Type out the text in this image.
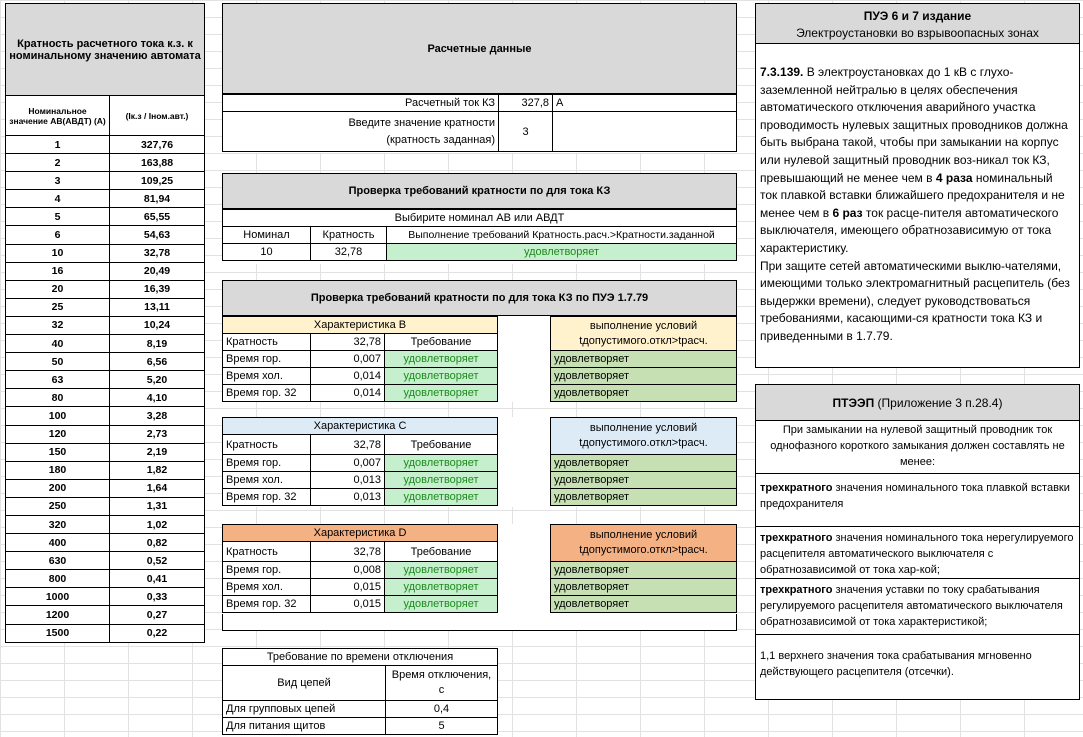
Кратность расчетного тока к.з. к номинальному значению автомата	
Номинальное значение АВ(АВДТ) (А)	(Iк.з / Iном.авт.)
1	327,76
2	163,88
3	109,25
4	81,94
5	65,55
6	54,63
10	32,78
16	20,49
20	16,39
25	13,11
32	10,24
40	8,19
50	6,56
63	5,20
80	4,10
100	3,28
120	2,73
150	2,19
180	1,82
200	1,64
250	1,31
320	1,02
400	0,82
630	0,52
800	0,41
1000	0,33
1200	0,27
1500	0,22
Расчетные данные
Расчетный ток КЗ	327,8	А

Введите значение кратности
(кратность заданная)	3	
Проверка требований кратности по для тока КЗ
Выбирите номинал АВ или АВДТ		
Номинал	Кратность	Выполнение требований Кратность.расч.>Кратности.заданной
10	32,78	удовлетворяет
Проверка требований кратности по для тока КЗ по ПУЭ 1.7.79
Характеристика В		
Кратность	32,78	Требование
Время гор.	0,007	удовлетворяет
Время хол.	0,014	удовлетворяет
Время гор. 32	0,014	удовлетворяет
выполнение условий
tдопустимого.откл>tрасч.

удовлетворяет
удовлетворяет
удовлетворяет
Характеристика С		
Кратность	32,78	Требование
Время гор.	0,007	удовлетворяет
Время хол.	0,013	удовлетворяет
Время гор. 32	0,013	удовлетворяет
выполнение условий
tдопустимого.откл>tрасч.

удовлетворяет
удовлетворяет
удовлетворяет
Характеристика D		
Кратность	32,78	Требование
Время гор.	0,008	удовлетворяет
Время хол.	0,015	удовлетворяет
Время гор. 32	0,015	удовлетворяет
выполнение условий
tдопустимого.откл>tрасч.

удовлетворяет
удовлетворяет
удовлетворяет
Требование по времени отключения	
Вид цепей	Время отключения,
с

Для групповых цепей	0,4
Для питания щитов	5
ПУЭ 6 и 7 издание
Электроустановки во взрывоопасных зонах
7.3.139. В электроустановках до 1 кВ с глухо-заземленной нейтралью в целях обеспечения автоматического отключения аварийного участка проводимость нулевых защитных проводников должна быть выбрана такой, чтобы при замыкании на корпус или нулевой защитный проводник воз-никал ток КЗ, превышающий не менее чем в 4 раза номинальный ток плавкой вставки ближайшего предохранителя и не менее чем в 6 раз ток расце-пителя автоматического выключателя, имеющего обратнозависимую от тока характеристику.
При защите сетей автоматическими выклю-чателями, имеющими только электромагнитный расцепитель (без выдержки времени), следует руководствоваться требованиями, касающими-ся кратности тока КЗ и приведенными в 1.7.79.
ПТЭЭП (Приложение 3 п.28.4)
При замыкании на нулевой защитный проводник ток однофазного короткого замыкания должен составлять не менее:
трехкратного значения номинального тока плавкой вставки предохранителя
трехкратного значения номинального тока нерегулируемого расцепителя автоматического выключателя с обратнозависимой от тока хар-кой;
трехкратного значения уставки по току срабатывания регулируемого расцепителя автоматического выключателя обратнозависимой от тока характеристикой;
1,1 верхнего значения тока срабатывания мгновенно действующего расцепителя (отсечки).
